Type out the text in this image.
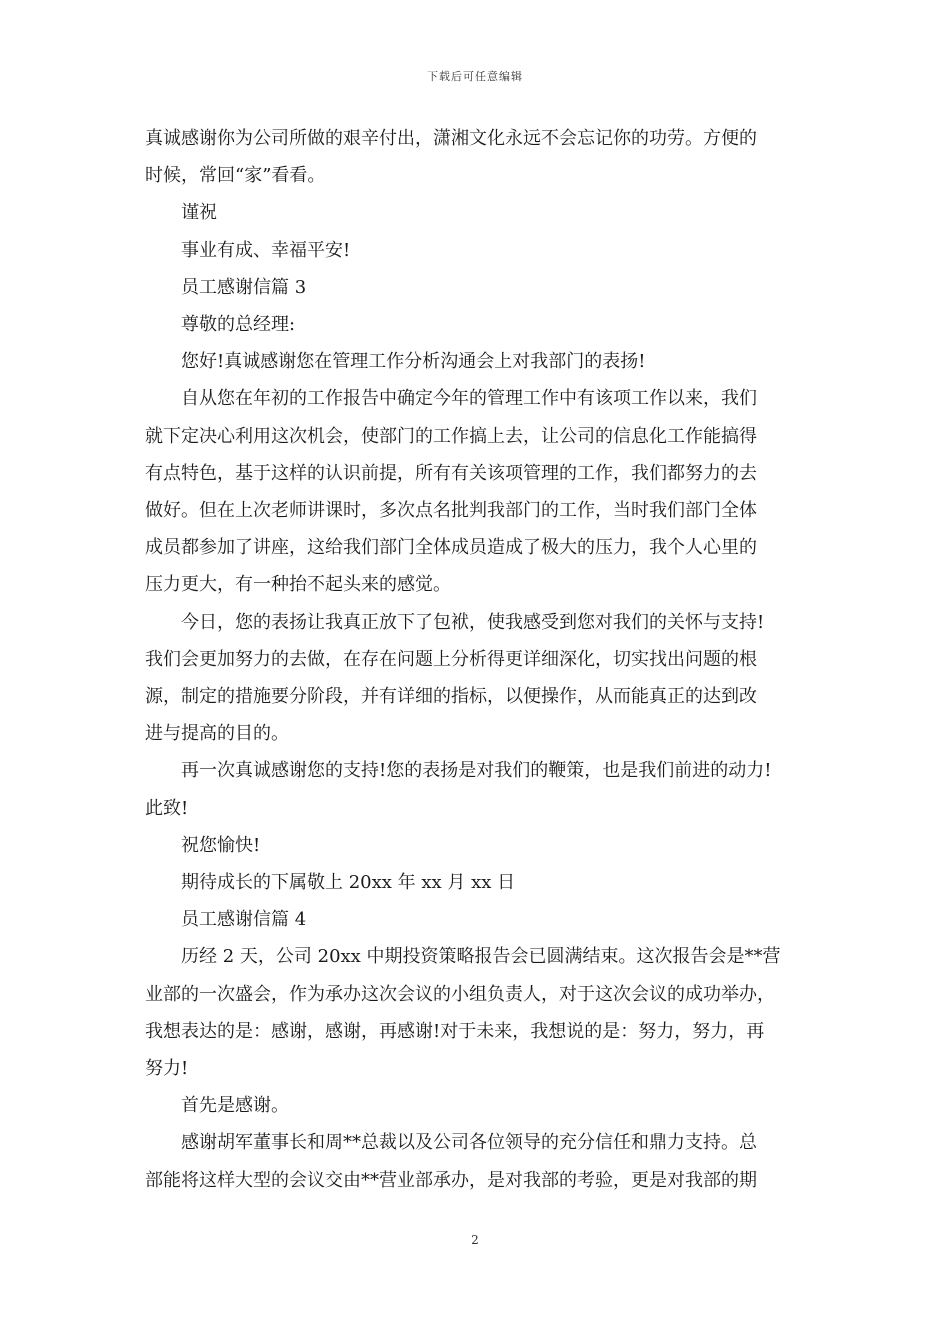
下载后可任意编辑

真诚感谢你为公司所做的艰辛付出，潇湘文化永远不会忘记你的功劳。方便的

时候，常回“家”看看。

谨祝

事业有成、幸福平安!

员工感谢信篇 3

尊敬的总经理:

您好!真诚感谢您在管理工作分析沟通会上对我部门的表扬!

自从您在年初的工作报告中确定今年的管理工作中有该项工作以来，我们

就下定决心利用这次机会，使部门的工作搞上去，让公司的信息化工作能搞得

有点特色，基于这样的认识前提，所有有关该项管理的工作，我们都努力的去

做好。但在上次老师讲课时，多次点名批判我部门的工作，当时我们部门全体

成员都参加了讲座，这给我们部门全体成员造成了极大的压力，我个人心里的

压力更大，有一种抬不起头来的感觉。

今日，您的表扬让我真正放下了包袱，使我感受到您对我们的关怀与支持!

我们会更加努力的去做，在存在问题上分析得更详细深化，切实找出问题的根

源，制定的措施要分阶段，并有详细的指标，以便操作，从而能真正的达到改

进与提高的目的。

再一次真诚感谢您的支持!您的表扬是对我们的鞭策，也是我们前进的动力!

此致!

祝您愉快!

期待成长的下属敬上 20xx 年 xx 月 xx 日

员工感谢信篇 4

历经 2 天，公司 20xx 中期投资策略报告会已圆满结束。这次报告会是**营

业部的一次盛会，作为承办这次会议的小组负责人，对于这次会议的成功举办，

我想表达的是：感谢，感谢，再感谢!对于未来，我想说的是：努力，努力，再

努力!

首先是感谢。

感谢胡军董事长和周**总裁以及公司各位领导的充分信任和鼎力支持。总

部能将这样大型的会议交由**营业部承办，是对我部的考验，更是对我部的期

2
